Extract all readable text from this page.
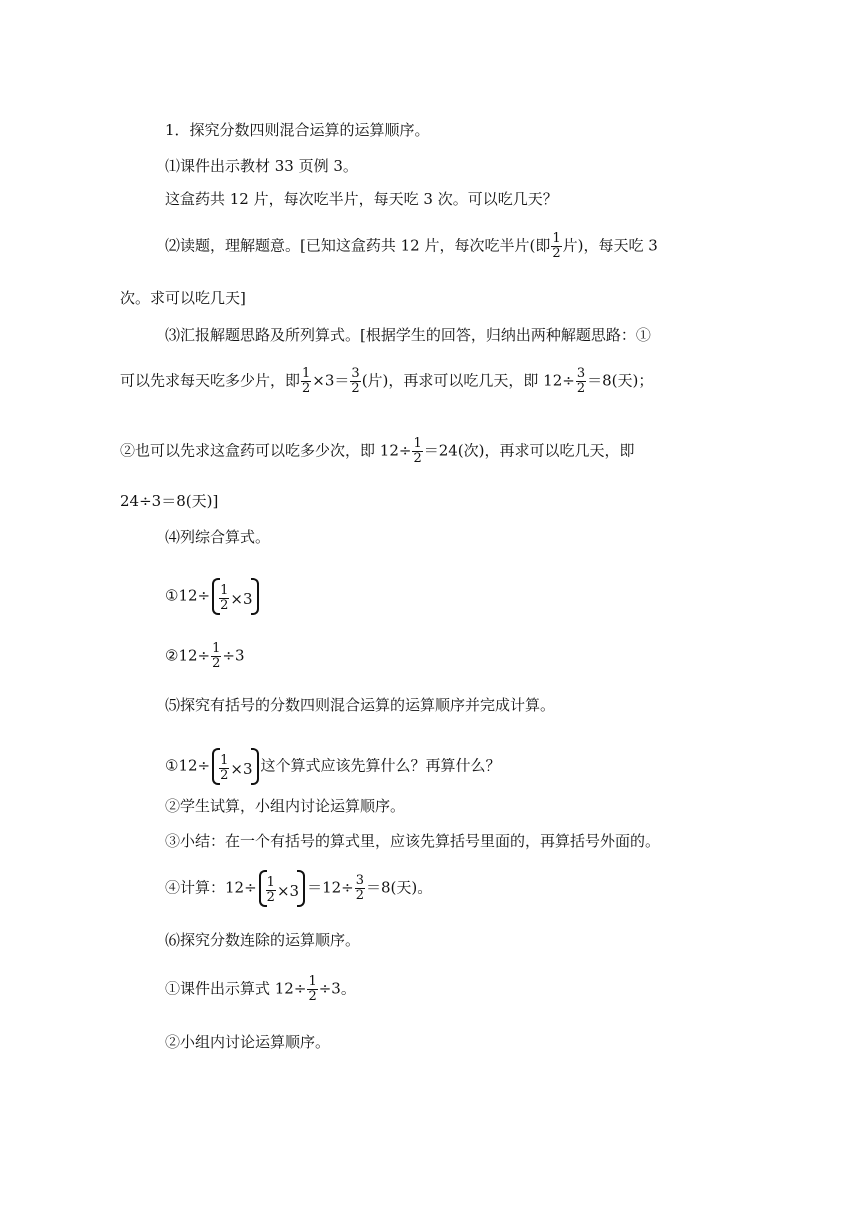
1．探究分数四则混合运算的运算顺序。
⑴课件出示教材 33 页例 3。
这盒药共 12 片，每次吃半片，每天吃 3 次。可以吃几天？
⑵读题，理解题意。[已知这盒药共 12 片，每次吃半片(即 $\frac{1}{2}$ 片)，每天吃 3
次。求可以吃几天]
⑶汇报解题思路及所列算式。[根据学生的回答，归纳出两种解题思路：①
可以先求每天吃多少片，即 $\frac{1}{2} \times 3= \frac{3}{2}$ (片)，再求可以吃几天，即 $12\div \frac{3}{2} =8$(天)；
②也可以先求这盒药可以吃多少次，即 $12\div \frac{1}{2} =24$(次)，再求可以吃几天，即
24÷3＝8(天)]
⑷列综合算式。
①12÷ $\frac{1}{2} \times 3$
②12÷ $\frac{1}{2} \div 3$
⑸探究有括号的分数四则混合运算的运算顺序并完成计算。
①12÷ $\frac{1}{2} \times 3$ 这个算式应该先算什么？再算什么？
②学生试算，小组内讨论运算顺序。
③小结：在一个有括号的算式里，应该先算括号里面的，再算括号外面的。
④计算：$12\div \frac{1}{2} \times 3 =12\div \frac{3}{2} =8$(天)。
⑹探究分数连除的运算顺序。
①课件出示算式 $12\div \frac{1}{2} \div 3$。
②小组内讨论运算顺序。
